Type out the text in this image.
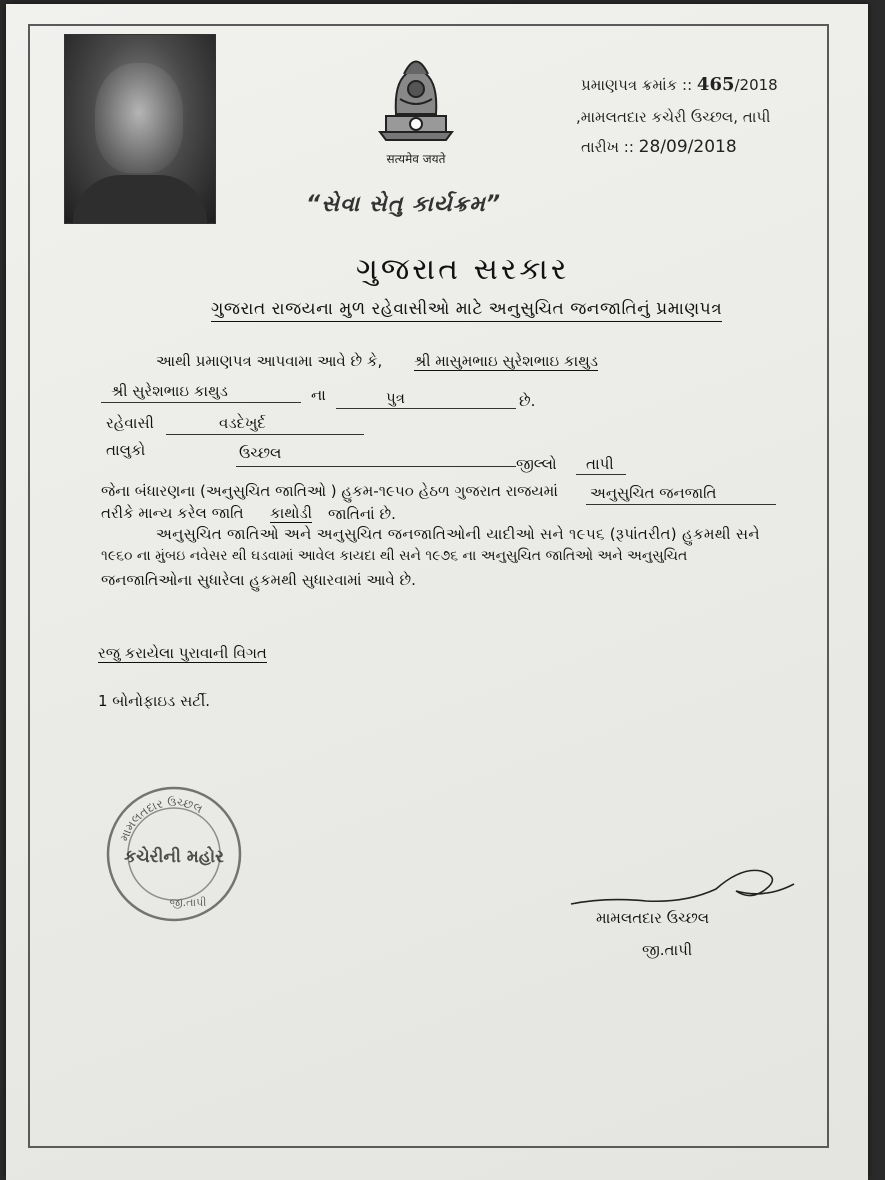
सत्यमेव जयते
પ્રમાણપત્ર ક્રમાંક :: 465/2018
,મામલતદાર કચેરી ઉચ્છલ, તાપી
તારીખ :: 28/09/2018
“સેવા સેતુ કાર્યક્રમ”
ગુજરાત સરકાર
ગુજરાત રાજયના મુળ રહેવાસીઓ માટે અનુસુચિત જનજાતિનું પ્રમાણપત્ર
આથી પ્રમાણપત્ર આપવામા આવે છે કે, શ્રી માસુમભાઇ સુરેશભાઇ કાથુડ
શ્રી સુરેશભાઇ કાથુડ	ના	પુત્ર	છે.
રહેવાસી	વડદેખુર્દ
તાલુકો	ઉચ્છલ
જીલ્લો તાપી
જેના બંધારણના (અનુસુચિત જાતિઓ ) હુકમ-૧૯૫૦ હેઠળ ગુજરાત રાજયમાં અનુસુચિત જનજાતિ
તરીકે માન્ય કરેલ જાતિ કાથોડી જાતિનાં છે.
અનુસુચિત જાતિઓ અને અનુસુચિત જનજાતિઓની યાદીઓ સને ૧૯૫૬ (રૂપાંતરીત) હુકમથી સને
૧૯૬૦ ના મુંબઇ નવેસર થી ઘડવામાં આવેલ કાયદા થી સને ૧૯૭૬ ના અનુસુચિત જાતિઓ અને અનુસુચિત
જનજાતિઓના સુધારેલા હુકમથી સુધારવામાં આવે છે.
રજુ કરાયેલા પુરાવાની વિગત
1 બોનોફાઇડ સર્ટી.
મામલતદાર ઉચ્છલ
કચેરીની મહોર
જી.તાપી
મામલતદાર ઉચ્છલ
જી.તાપી
